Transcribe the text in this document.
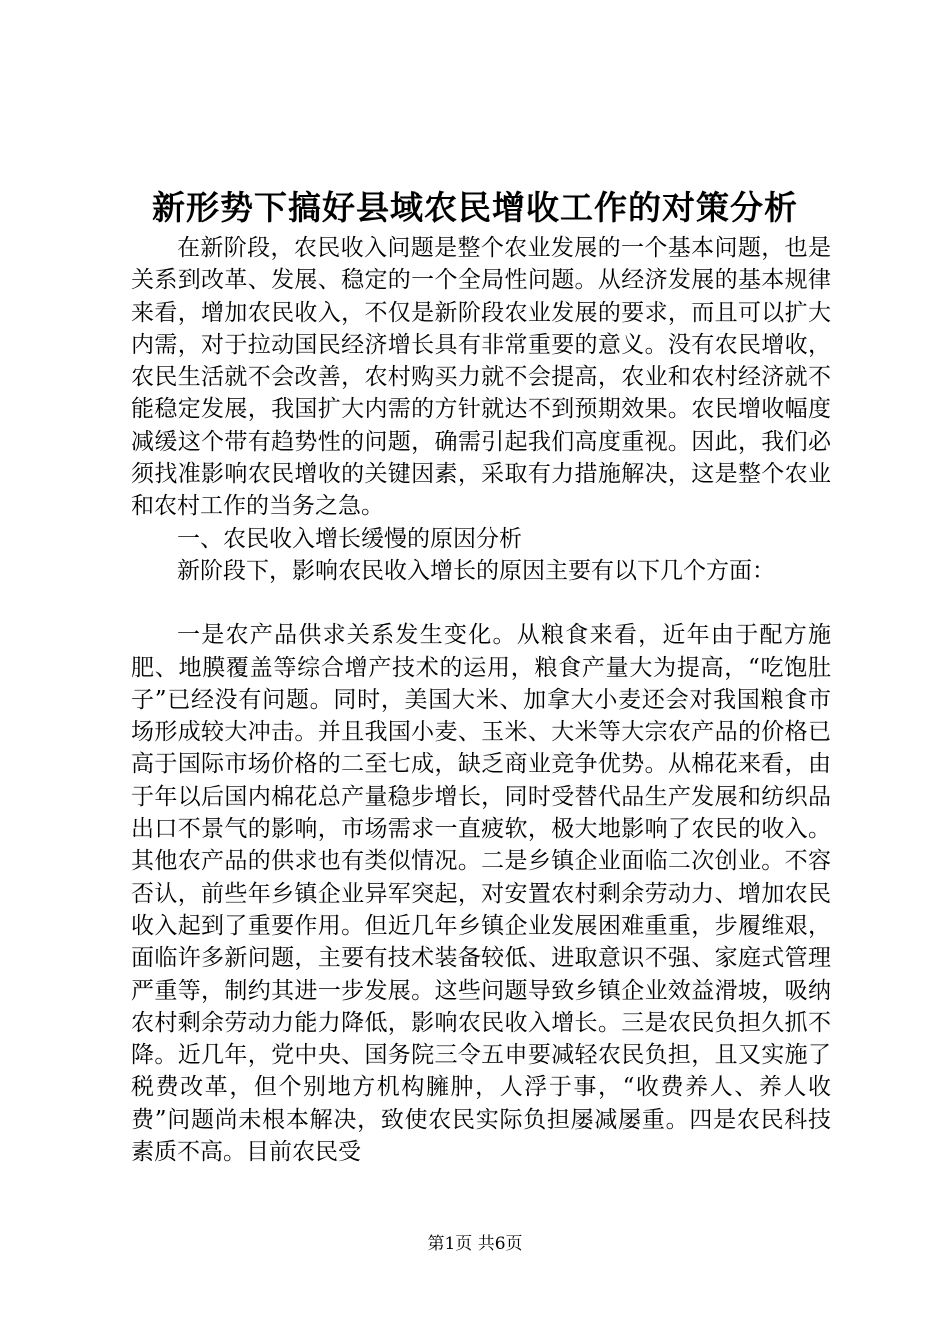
新形势下搞好县域农民增收工作的对策分析

在新阶段，农民收入问题是整个农业发展的一个基本问题，也是关系到改革、发展、稳定的一个全局性问题。从经济发展的基本规律来看，增加农民收入，不仅是新阶段农业发展的要求，而且可以扩大内需，对于拉动国民经济增长具有非常重要的意义。没有农民增收，农民生活就不会改善，农村购买力就不会提高，农业和农村经济就不能稳定发展，我国扩大内需的方针就达不到预期效果。农民增收幅度减缓这个带有趋势性的问题，确需引起我们高度重视。因此，我们必须找准影响农民增收的关键因素，采取有力措施解决，这是整个农业和农村工作的当务之急。

一、农民收入增长缓慢的原因分析

新阶段下，影响农民收入增长的原因主要有以下几个方面：

一是农产品供求关系发生变化。从粮食来看，近年由于配方施肥、地膜覆盖等综合增产技术的运用，粮食产量大为提高，“吃饱肚子”已经没有问题。同时，美国大米、加拿大小麦还会对我国粮食市场形成较大冲击。并且我国小麦、玉米、大米等大宗农产品的价格已高于国际市场价格的二至七成，缺乏商业竞争优势。从棉花来看，由于年以后国内棉花总产量稳步增长，同时受替代品生产发展和纺织品出口不景气的影响，市场需求一直疲软，极大地影响了农民的收入。其他农产品的供求也有类似情况。二是乡镇企业面临二次创业。不容否认，前些年乡镇企业异军突起，对安置农村剩余劳动力、增加农民收入起到了重要作用。但近几年乡镇企业发展困难重重，步履维艰，面临许多新问题，主要有技术装备较低、进取意识不强、家庭式管理严重等，制约其进一步发展。这些问题导致乡镇企业效益滑坡，吸纳农村剩余劳动力能力降低，影响农民收入增长。三是农民负担久抓不降。近几年，党中央、国务院三令五申要减轻农民负担，且又实施了税费改革，但个别地方机构臃肿，人浮于事，“收费养人、养人收费”问题尚未根本解决，致使农民实际负担屡减屡重。四是农民科技素质不高。目前农民受

第1页 共6页
